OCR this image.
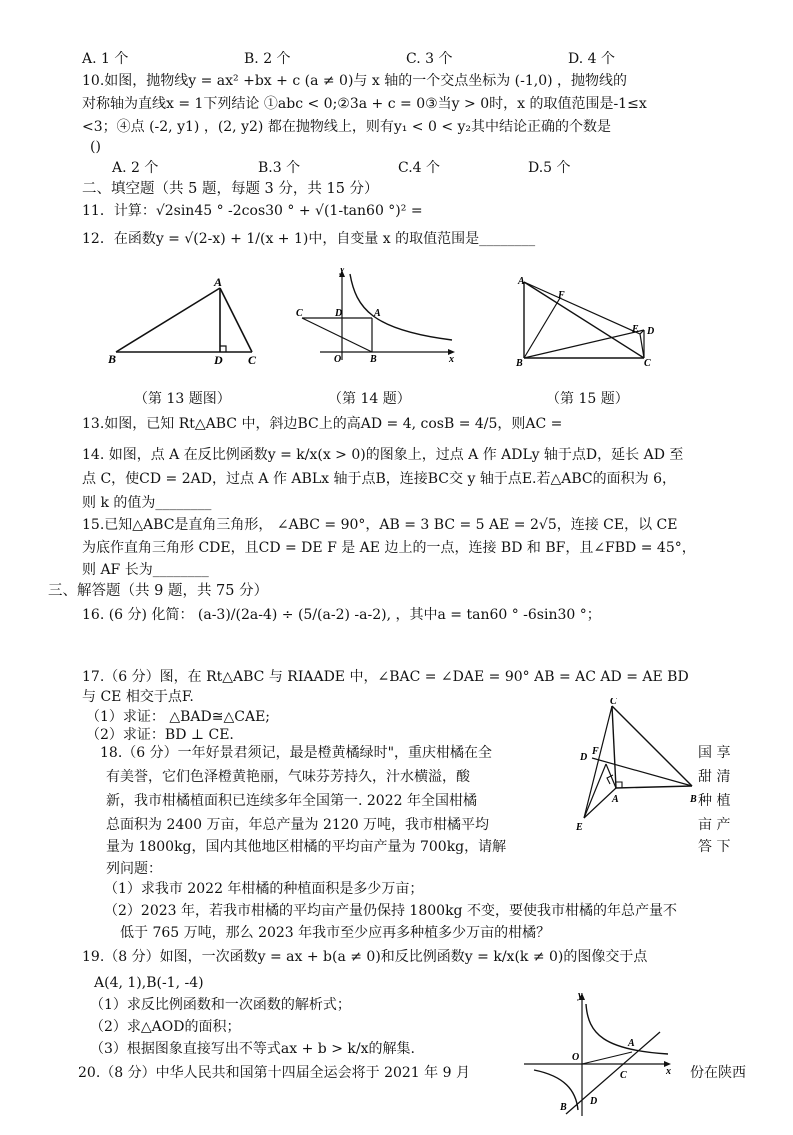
A. 1 个	B. 2 个	C. 3 个	D. 4 个
10.如图，抛物线y = ax² +bx + c (a ≠ 0)与 x 轴的一个交点坐标为 (-1,0) ，抛物线的
对称轴为直线x = 1下列结论 ①abc < 0;②3a + c = 0③当y > 0时，x 的取值范围是-1≤x
<3；④点 (-2, y1) ，(2, y2) 都在抛物线上，则有y₁ < 0 < y₂其中结论正确的个数是
()
A. 2 个	B.3 个	C.4 个	D.5 个
二、填空题（共 5 题，每题 3 分，共 15 分）
11．计算：√2sin45 ° -2cos30 ° + √(1-tan60 °)² =
12．在函数y = √(2-x) + 1/(x + 1)中，自变量 x 的取值范围是________
A
B	D C
y
x
C	D	A
O	B
A
F
E D
B	C
（第 13 题图）	（第 14 题）	（第 15 题）
13.如图，已知 Rt△ABC 中，斜边BC上的高AD = 4, cosB = 4/5，则AC =
14. 如图，点 A 在反比例函数y = k/x(x > 0)的图象上，过点 A 作 ADLy 轴于点D，延长 AD 至
点 C，使CD = 2AD，过点 A 作 ABLx 轴于点B，连接BC交 y 轴于点E.若△ABC的面积为 6，
则 k 的值为________
15.已知△ABC是直角三角形， ∠ABC = 90°，AB = 3 BC = 5 AE = 2√5，连接 CE，以 CE
为底作直角三角形 CDE，且CD = DE F 是 AE 边上的一点，连接 BD 和 BF，且∠FBD = 45°，
则 AF 长为________
三、解答题（共 9 题，共 75 分）
16. (6 分) 化简： (a-3)/(2a-4) ÷ (5/(a-2) -a-2), ，其中a = tan60 ° -6sin30 °；
17.（6 分）图，在 Rt△ABC 与 RIAADE 中，∠BAC = ∠DAE = 90° AB = AC AD = AE BD
与 CE 相交于点F.
（1）求证： △BAD≅△CAE;
（2）求证：BD ⊥ CE.
C
F
D
A	B
E
18.（6 分）一年好景君须记，最是橙黄橘绿时"，重庆柑橘在全	国 享
有美誉，它们色泽橙黄艳丽，气味芬芳持久，汁水横溢，酸	甜 清
新，我市柑橘植面积已连续多年全国第一. 2022 年全国柑橘	种 植
总面积为 2400 万亩，年总产量为 2120 万吨，我市柑橘平均	亩 产
量为 1800kg，国内其他地区柑橘的平均亩产量为 700kg，请解	答 下
列问题：
（1）求我市 2022 年柑橘的种植面积是多少万亩；
（2）2023 年，若我市柑橘的平均亩产量仍保持 1800kg 不变，要使我市柑橘的年总产量不
低于 765 万吨，那么 2023 年我市至少应再多种植多少万亩的柑橘？
19.（8 分）如图，一次函数y = ax + b(a ≠ 0)和反比例函数y = k/x(k ≠ 0)的图像交于点
A(4, 1),B(-1, -4)
（1）求反比例函数和一次函数的解析式；
（2）求△AOD的面积；
（3）根据图象直接写出不等式ax + b > k/x的解集.
y
x
O
A
C
B
D
20.（8 分）中华人民共和国第十四届全运会将于 2021 年 9 月	份在陕西
